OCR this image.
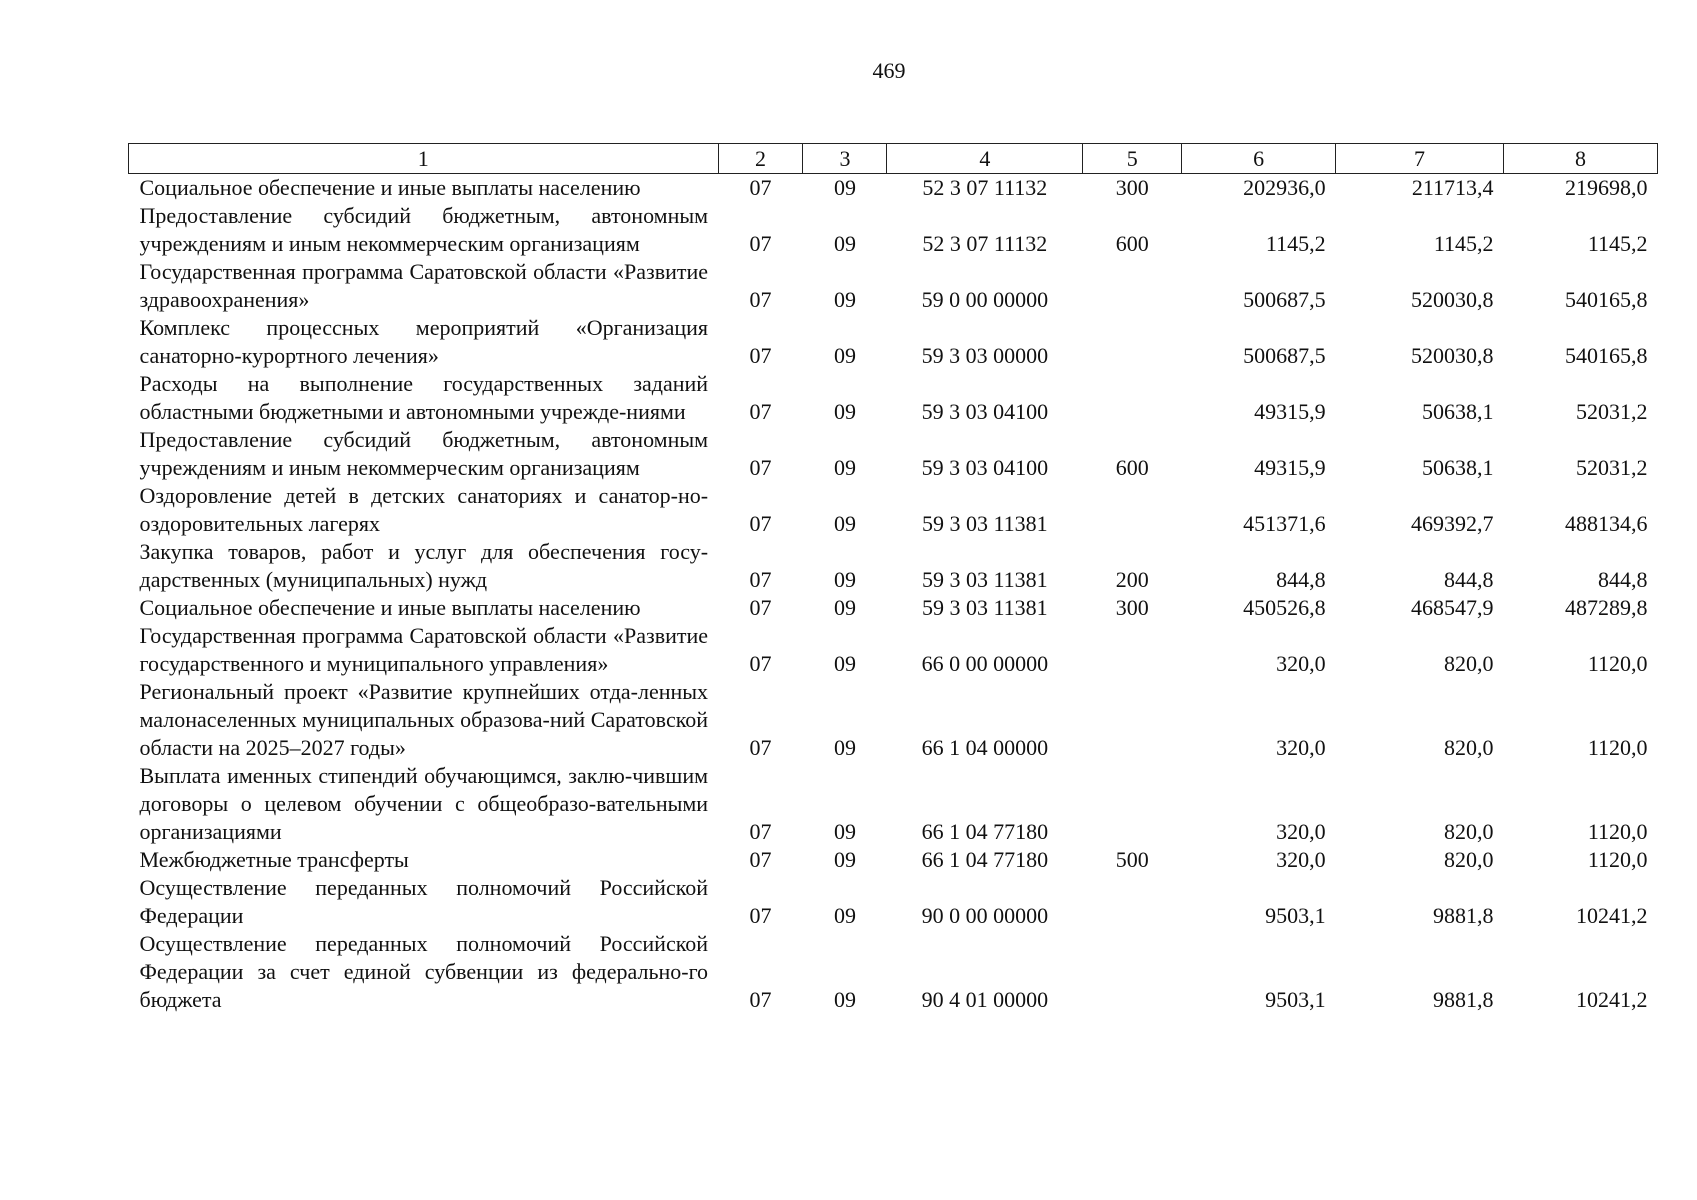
469
1	2	3	4	5	6	7	8
Социальное обеспечение и иные выплаты населению	07	09	52 3 07 11132	300	202936,0	211713,4	219698,0
Предоставление субсидий бюджетным, автономным учреждениям и иным некоммерческим организациям	07	09	52 3 07 11132	600	1145,2	1145,2	1145,2
Государственная программа Саратовской области «Развитие здравоохранения»	07	09	59 0 00 00000		500687,5	520030,8	540165,8
Комплекс процессных мероприятий «Организация санаторно-курортного лечения»	07	09	59 3 03 00000		500687,5	520030,8	540165,8
Расходы на выполнение государственных заданий областными бюджетными и автономными учрежде-ниями	07	09	59 3 03 04100		49315,9	50638,1	52031,2
Предоставление субсидий бюджетным, автономным учреждениям и иным некоммерческим организациям	07	09	59 3 03 04100	600	49315,9	50638,1	52031,2
Оздоровление детей в детских санаториях и санатор-но-оздоровительных лагерях	07	09	59 3 03 11381		451371,6	469392,7	488134,6
Закупка товаров, работ и услуг для обеспечения госу-дарственных (муниципальных) нужд	07	09	59 3 03 11381	200	844,8	844,8	844,8
Социальное обеспечение и иные выплаты населению	07	09	59 3 03 11381	300	450526,8	468547,9	487289,8
Государственная программа Саратовской области «Развитие государственного и муниципального управления»	07	09	66 0 00 00000		320,0	820,0	1120,0
Региональный проект «Развитие крупнейших отда-ленных малонаселенных муниципальных образова-ний Саратовской области на 2025–2027 годы»	07	09	66 1 04 00000		320,0	820,0	1120,0
Выплата именных стипендий обучающимся, заклю-чившим договоры о целевом обучении с общеобразо-вательными организациями	07	09	66 1 04 77180		320,0	820,0	1120,0
Межбюджетные трансферты	07	09	66 1 04 77180	500	320,0	820,0	1120,0
Осуществление переданных полномочий Российской Федерации	07	09	90 0 00 00000		9503,1	9881,8	10241,2
Осуществление переданных полномочий Российской Федерации за счет единой субвенции из федерально-го бюджета	07	09	90 4 01 00000		9503,1	9881,8	10241,2
